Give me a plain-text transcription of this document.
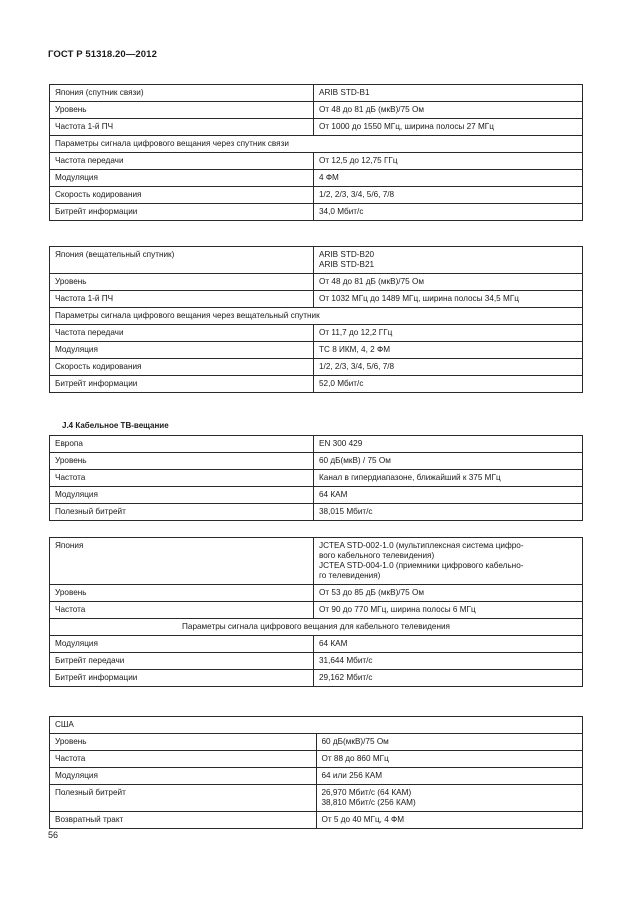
ГОСТ Р 51318.20—2012
Япония (спутник связи)	ARIB STD-B1
Уровень	От 48 до 81 дБ (мкВ)/75 Ом
Частота 1-й ПЧ	От 1000 до 1550 МГц, ширина полосы 27 МГц
Параметры сигнала цифрового вещания через спутник связи	
Частота передачи	От 12,5 до 12,75 ГГц
Модуляция	4 ФМ
Скорость кодирования	1/2, 2/3, 3/4, 5/6, 7/8
Битрейт информации	34,0 Мбит/с
Япония (вещательный спутник)	ARIB STD-B20
ARIB STD-B21

Уровень	От 48 до 81 дБ (мкВ)/75 Ом
Частота 1-й ПЧ	От 1032 МГц до 1489 МГц, ширина полосы 34,5 МГц
Параметры сигнала цифрового вещания через вещательный спутник	
Частота передачи	От 11,7 до 12,2 ГГц
Модуляция	TC 8 ИКМ, 4, 2 ФМ
Скорость кодирования	1/2, 2/3, 3/4, 5/6, 7/8
Битрейт информации	52,0 Мбит/с
J.4 Кабельное ТВ-вещание
Европа	EN 300 429
Уровень	60 дБ(мкВ) / 75 Ом
Частота	Канал в гипердиапазоне, ближайший к 375 МГц
Модуляция	64 КАМ
Полезный битрейт	38,015 Мбит/с
Япония	JCTEA STD-002-1.0 (мультиплексная система цифро-
вого кабельного телевидения)
JCTEA STD-004-1.0 (приемники цифрового кабельно-
го телевидения)

Уровень	От 53 до 85 дБ (мкВ)/75 Ом
Частота	От 90 до 770 МГц, ширина полосы 6 МГц
Параметры сигнала цифрового вещания для кабельного телевидения	
Модуляция	64 КАМ
Битрейт передачи	31,644 Мбит/с
Битрейт информации	29,162 Мбит/с
США	
Уровень	60 дБ(мкВ)/75 Ом
Частота	От 88 до 860 МГц
Модуляция	64 или 256 КАМ
Полезный битрейт	26,970 Мбит/с (64 КАМ)
38,810 Мбит/с (256 КАМ)

Возвратный тракт	От 5 до 40 МГц, 4 ФМ
56
